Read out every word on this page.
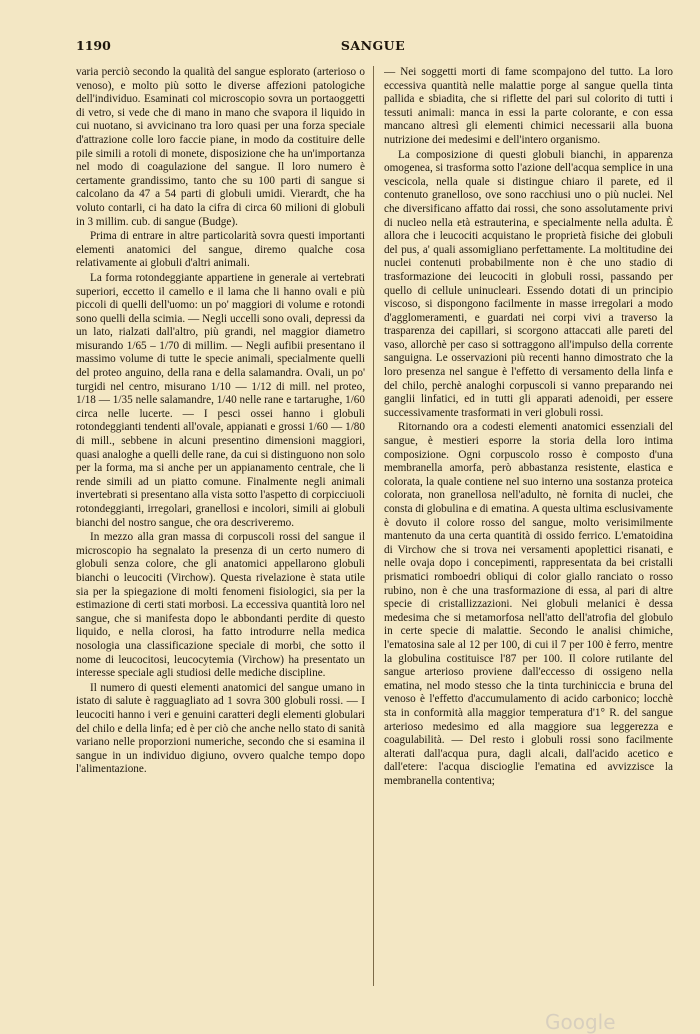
1190	SANGUE

varia perciò secondo la qualità del sangue esplorato (arterioso o venoso), e molto più sotto le diverse affezioni patologiche dell'individuo. Esaminati col microscopio sovra un portaoggetti di vetro, si vede che di mano in mano che svapora il liquido in cui nuotano, si avvicinano tra loro quasi per una forza speciale d'attrazione colle loro faccie piane, in modo da costituire delle pile simili a rotoli di monete, disposizione che ha un'importanza nel modo di coagulazione del sangue. Il loro numero è certamente grandissimo, tanto che su 100 parti di sangue si calcolano da 47 a 54 parti di globuli umidi. Vierardt, che ha voluto contarli, ci ha dato la cifra di circa 60 milioni di globuli in 3 millim. cub. di sangue (Budge).

Prima di entrare in altre particolarità sovra questi importanti elementi anatomici del sangue, diremo qualche cosa relativamente ai globuli d'altri animali.

La forma rotondeggiante appartiene in generale ai vertebrati superiori, eccetto il camello e il lama che li hanno ovali e più piccoli di quelli dell'uomo: un po' maggiori di volume e rotondi sono quelli della scimia. — Negli uccelli sono ovali, depressi da un lato, rialzati dall'altro, più grandi, nel maggior diametro misurando 1/65 – 1/70 di millim. — Negli aufibii presentano il massimo volume di tutte le specie animali, specialmente quelli del proteo anguino, della rana e della salamandra. Ovali, un po' turgidi nel centro, misurano 1/10 — 1/12 di mill. nel proteo, 1/18 — 1/35 nelle salamandre, 1/40 nelle rane e tartarughe, 1/60 circa nelle lucerte. — I pesci ossei hanno i globuli rotondeggianti tendenti all'ovale, appianati e grossi 1/60 — 1/80 di mill., sebbene in alcuni presentino dimensioni maggiori, quasi analoghe a quelli delle rane, da cui si distinguono non solo per la forma, ma si anche per un appianamento centrale, che li rende simili ad un piatto comune. Finalmente negli animali invertebrati si presentano alla vista sotto l'aspetto di corpicciuoli rotondeggianti, irregolari, granellosi e incolori, simili ai globuli bianchi del nostro sangue, che ora descriveremo.

In mezzo alla gran massa di corpuscoli rossi del sangue il microscopio ha segnalato la presenza di un certo numero di globuli senza colore, che gli anatomici appellarono globuli bianchi o leucociti (Virchow). Questa rivelazione è stata utile sia per la spiegazione di molti fenomeni fisiologici, sia per la estimazione di certi stati morbosi. La eccessiva quantità loro nel sangue, che si manifesta dopo le abbondanti perdite di questo liquido, e nella clorosi, ha fatto introdurre nella medica nosologia una classificazione speciale di morbi, che sotto il nome di leucocitosi, leucocytemia (Virchow) ha presentato un interesse speciale agli studiosi delle mediche discipline.

Il numero di questi elementi anatomici del sangue umano in istato di salute è ragguagliato ad 1 sovra 300 globuli rossi. — I leucociti hanno i veri e genuini caratteri degli elementi globulari del chilo e della linfa; ed è per ciò che anche nello stato di sanità variano nelle proporzioni numeriche, secondo che si esamina il sangue in un individuo digiuno, ovvero qualche tempo dopo l'alimentazione.

— Nei soggetti morti di fame scompajono del tutto. La loro eccessiva quantità nelle malattie porge al sangue quella tinta pallida e sbiadita, che si riflette del pari sul colorito di tutti i tessuti animali: manca in essi la parte colorante, e con essa mancano altresì gli elementi chimici necessarii alla buona nutrizione dei medesimi e dell'intero organismo.

La composizione di questi globuli bianchi, in apparenza omogenea, si trasforma sotto l'azione dell'acqua semplice in una vescicola, nella quale si distingue chiaro il parete, ed il contenuto granelloso, ove sono racchiusi uno o più nuclei. Nel che diversificano affatto dai rossi, che sono assolutamente privi di nucleo nella età estrauterina, e specialmente nella adulta. È allora che i leucociti acquistano le proprietà fisiche dei globuli del pus, a' quali assomigliano perfettamente. La moltitudine dei nuclei contenuti probabilmente non è che uno stadio di trasformazione dei leucociti in globuli rossi, passando per quello di cellule uninucleari. Essendo dotati di un principio viscoso, si dispongono facilmente in masse irregolari a modo d'agglomeramenti, e guardati nei corpi vivi a traverso la trasparenza dei capillari, si scorgono attaccati alle pareti del vaso, allorchè per caso si sottraggono all'impulso della corrente sanguigna. Le osservazioni più recenti hanno dimostrato che la loro presenza nel sangue è l'effetto di versamento della linfa e del chilo, perchè analoghi corpuscoli si vanno preparando nei ganglii linfatici, ed in tutti gli apparati adenoidi, per essere successivamente trasformati in veri globuli rossi.

Ritornando ora a codesti elementi anatomici essenziali del sangue, è mestieri esporre la storia della loro intima composizione. Ogni corpuscolo rosso è composto d'una membranella amorfa, però abbastanza resistente, elastica e colorata, la quale contiene nel suo interno una sostanza proteica colorata, non granellosa nell'adulto, nè fornita di nuclei, che consta di globulina e di ematina. A questa ultima esclusivamente è dovuto il colore rosso del sangue, molto verisimilmente mantenuto da una certa quantità di ossido ferrico. L'ematoidina di Virchow che si trova nei versamenti apoplettici risanati, e nelle ovaja dopo i concepimenti, rappresentata da bei cristalli prismatici romboedri obliqui di color giallo ranciato o rosso rubino, non è che una trasformazione di essa, al pari di altre specie di cristallizzazioni. Nei globuli melanici è dessa medesima che si metamorfosa nell'atto dell'atrofia del globulo in certe specie di malattie. Secondo le analisi chimiche, l'ematosina sale al 12 per 100, di cui il 7 per 100 è ferro, mentre la globulina costituisce l'87 per 100. Il colore rutilante del sangue arterioso proviene dall'eccesso di ossigeno nella ematina, nel modo stesso che la tinta turchiniccia e bruna del venoso è l'effetto d'accumulamento di acido carbonico; locchè sta in conformità alla maggior temperatura d'1° R. del sangue arterioso medesimo ed alla maggiore sua leggerezza e coagulabilità. — Del resto i globuli rossi sono facilmente alterati dall'acqua pura, dagli alcali, dall'acido acetico e dall'etere: l'acqua discioglie l'ematina ed avvizzisce la membranella contentiva;

Google
